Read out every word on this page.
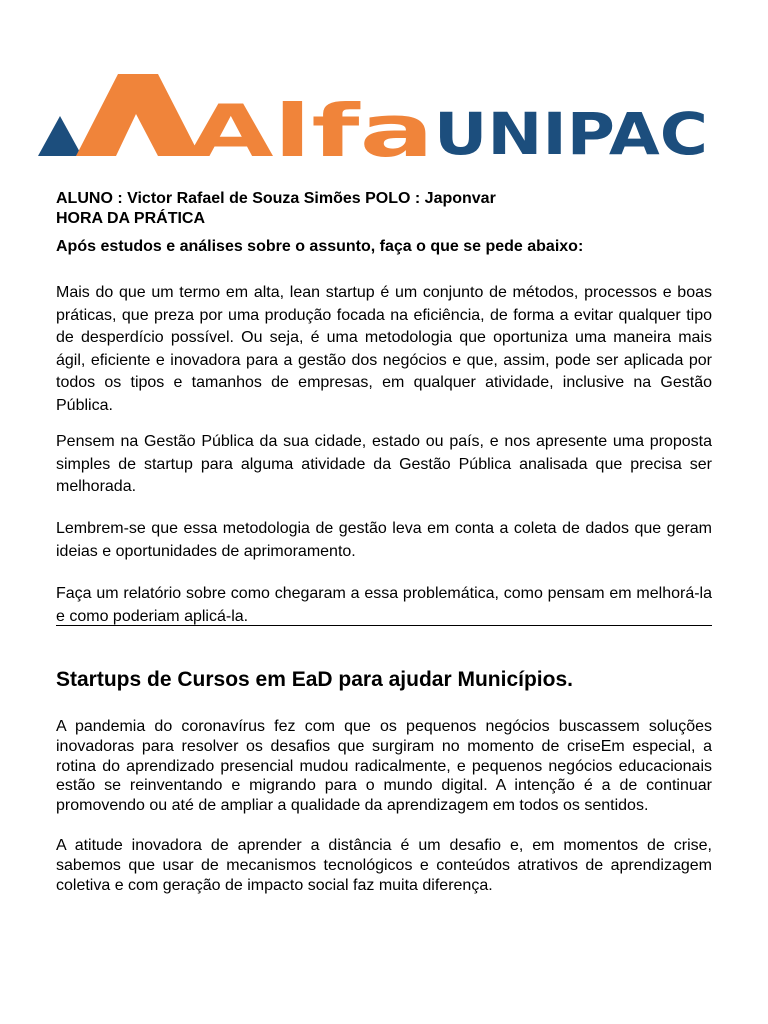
Alfa UNIPAC
ALUNO : Victor Rafael de Souza Simões POLO : Japonvar
HORA DA PRÁTICA
Após estudos e análises sobre o assunto, faça o que se pede abaixo:

Mais do que um termo em alta, lean startup é um conjunto de métodos, processos e boas práticas, que preza por uma produção focada na eficiência, de forma a evitar qualquer tipo de desperdício possível. Ou seja, é uma metodologia que oportuniza uma maneira mais ágil, eficiente e inovadora para a gestão dos negócios e que, assim, pode ser aplicada por todos os tipos e tamanhos de empresas, em qualquer atividade, inclusive na Gestão Pública.

Pensem na Gestão Pública da sua cidade, estado ou país, e nos apresente uma proposta simples de startup para alguma atividade da Gestão Pública analisada que precisa ser melhorada.

Lembrem-se que essa metodologia de gestão leva em conta a coleta de dados que geram ideias e oportunidades de aprimoramento.

Faça um relatório sobre como chegaram a essa problemática, como pensam em melhorá-la e como poderiam aplicá-la.

Startups de Cursos em EaD para ajudar Municípios.

A pandemia do coronavírus fez com que os pequenos negócios buscassem soluções inovadoras para resolver os desafios que surgiram no momento de criseEm especial, a rotina do aprendizado presencial mudou radicalmente, e pequenos negócios educacionais estão se reinventando e migrando para o mundo digital. A intenção é a de continuar promovendo ou até de ampliar a qualidade da aprendizagem em todos os sentidos.

A atitude inovadora de aprender a distância é um desafio e, em momentos de crise, sabemos que usar de mecanismos tecnológicos e conteúdos atrativos de aprendizagem coletiva e com geração de impacto social faz muita diferença.
